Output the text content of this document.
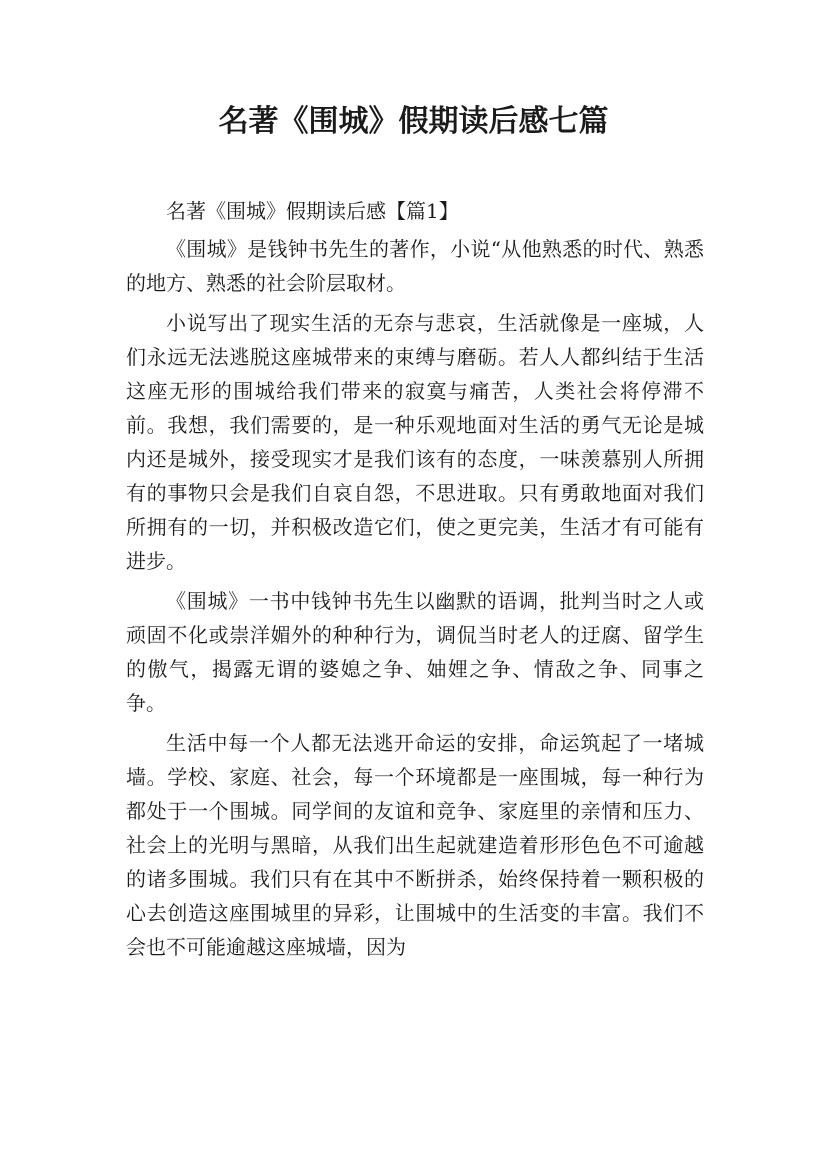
名著《围城》假期读后感七篇

名著《围城》假期读后感【篇1】

《围城》是钱钟书先生的著作，小说“从他熟悉的时代、熟悉的地方、熟悉的社会阶层取材。

小说写出了现实生活的无奈与悲哀，生活就像是一座城，人们永远无法逃脱这座城带来的束缚与磨砺。若人人都纠结于生活这座无形的围城给我们带来的寂寞与痛苦，人类社会将停滞不前。我想，我们需要的，是一种乐观地面对生活的勇气无论是城内还是城外，接受现实才是我们该有的态度，一味羡慕别人所拥有的事物只会是我们自哀自怨，不思进取。只有勇敢地面对我们所拥有的一切，并积极改造它们，使之更完美，生活才有可能有进步。

《围城》一书中钱钟书先生以幽默的语调，批判当时之人或顽固不化或崇洋媚外的种种行为，调侃当时老人的迂腐、留学生的傲气，揭露无谓的婆媳之争、妯娌之争、情敌之争、同事之争。

生活中每一个人都无法逃开命运的安排，命运筑起了一堵城墙。学校、家庭、社会，每一个环境都是一座围城，每一种行为都处于一个围城。同学间的友谊和竞争、家庭里的亲情和压力、社会上的光明与黑暗，从我们出生起就建造着形形色色不可逾越的诸多围城。我们只有在其中不断拼杀，始终保持着一颗积极的心去创造这座围城里的异彩，让围城中的生活变的丰富。我们不会也不可能逾越这座城墙，因为
